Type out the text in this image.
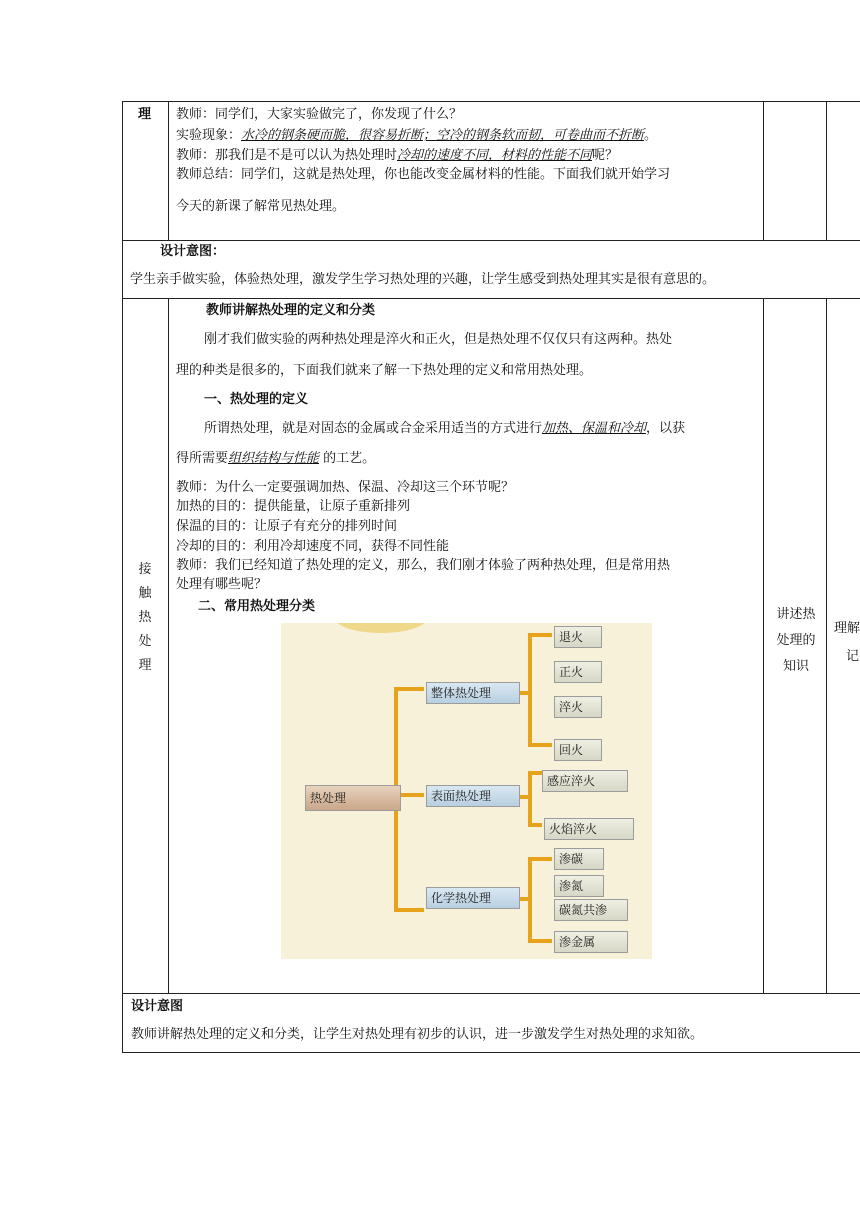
理 教师：同学们，大家实验做完了，你发现了什么？
实验现象：水冷的钢条硬而脆，很容易折断；空冷的钢条软而韧，可卷曲而不折断。
教师：那我们是不是可以认为热处理时冷却的速度不同，材料的性能不同呢？
教师总结：同学们，这就是热处理，你也能改变金属材料的性能。下面我们就开始学习
今天的新课了解常见热处理。
设计意图：
学生亲手做实验，体验热处理，激发学生学习热处理的兴趣，让学生感受到热处理其实是很有意思的。
接
触
热
处
理
教师讲解热处理的定义和分类
刚才我们做实验的两种热处理是淬火和正火，但是热处理不仅仅只有这两种。热处
理的种类是很多的，下面我们就来了解一下热处理的定义和常用热处理。
一、热处理的定义
所谓热处理，就是对固态的金属或合金采用适当的方式进行加热、保温和冷却，以获
得所需要组织结构与性能 的工艺。
教师：为什么一定要强调加热、保温、冷却这三个环节呢？
加热的目的：提供能量，让原子重新排列
保温的目的：让原子有充分的排列时间
冷却的目的：利用冷却速度不同，获得不同性能
教师：我们已经知道了热处理的定义，那么，我们刚才体验了两种热处理，但是常用热
处理有哪些呢？
二、常用热处理分类
讲述热
处理的
知识
理解
记
热处理
整体热处理
表面热处理
化学热处理
退火
正火
淬火
回火
感应淬火
火焰淬火
渗碳
渗氮
碳氮共渗
渗金属
设计意图
教师讲解热处理的定义和分类，让学生对热处理有初步的认识，进一步激发学生对热处理的求知欲。
